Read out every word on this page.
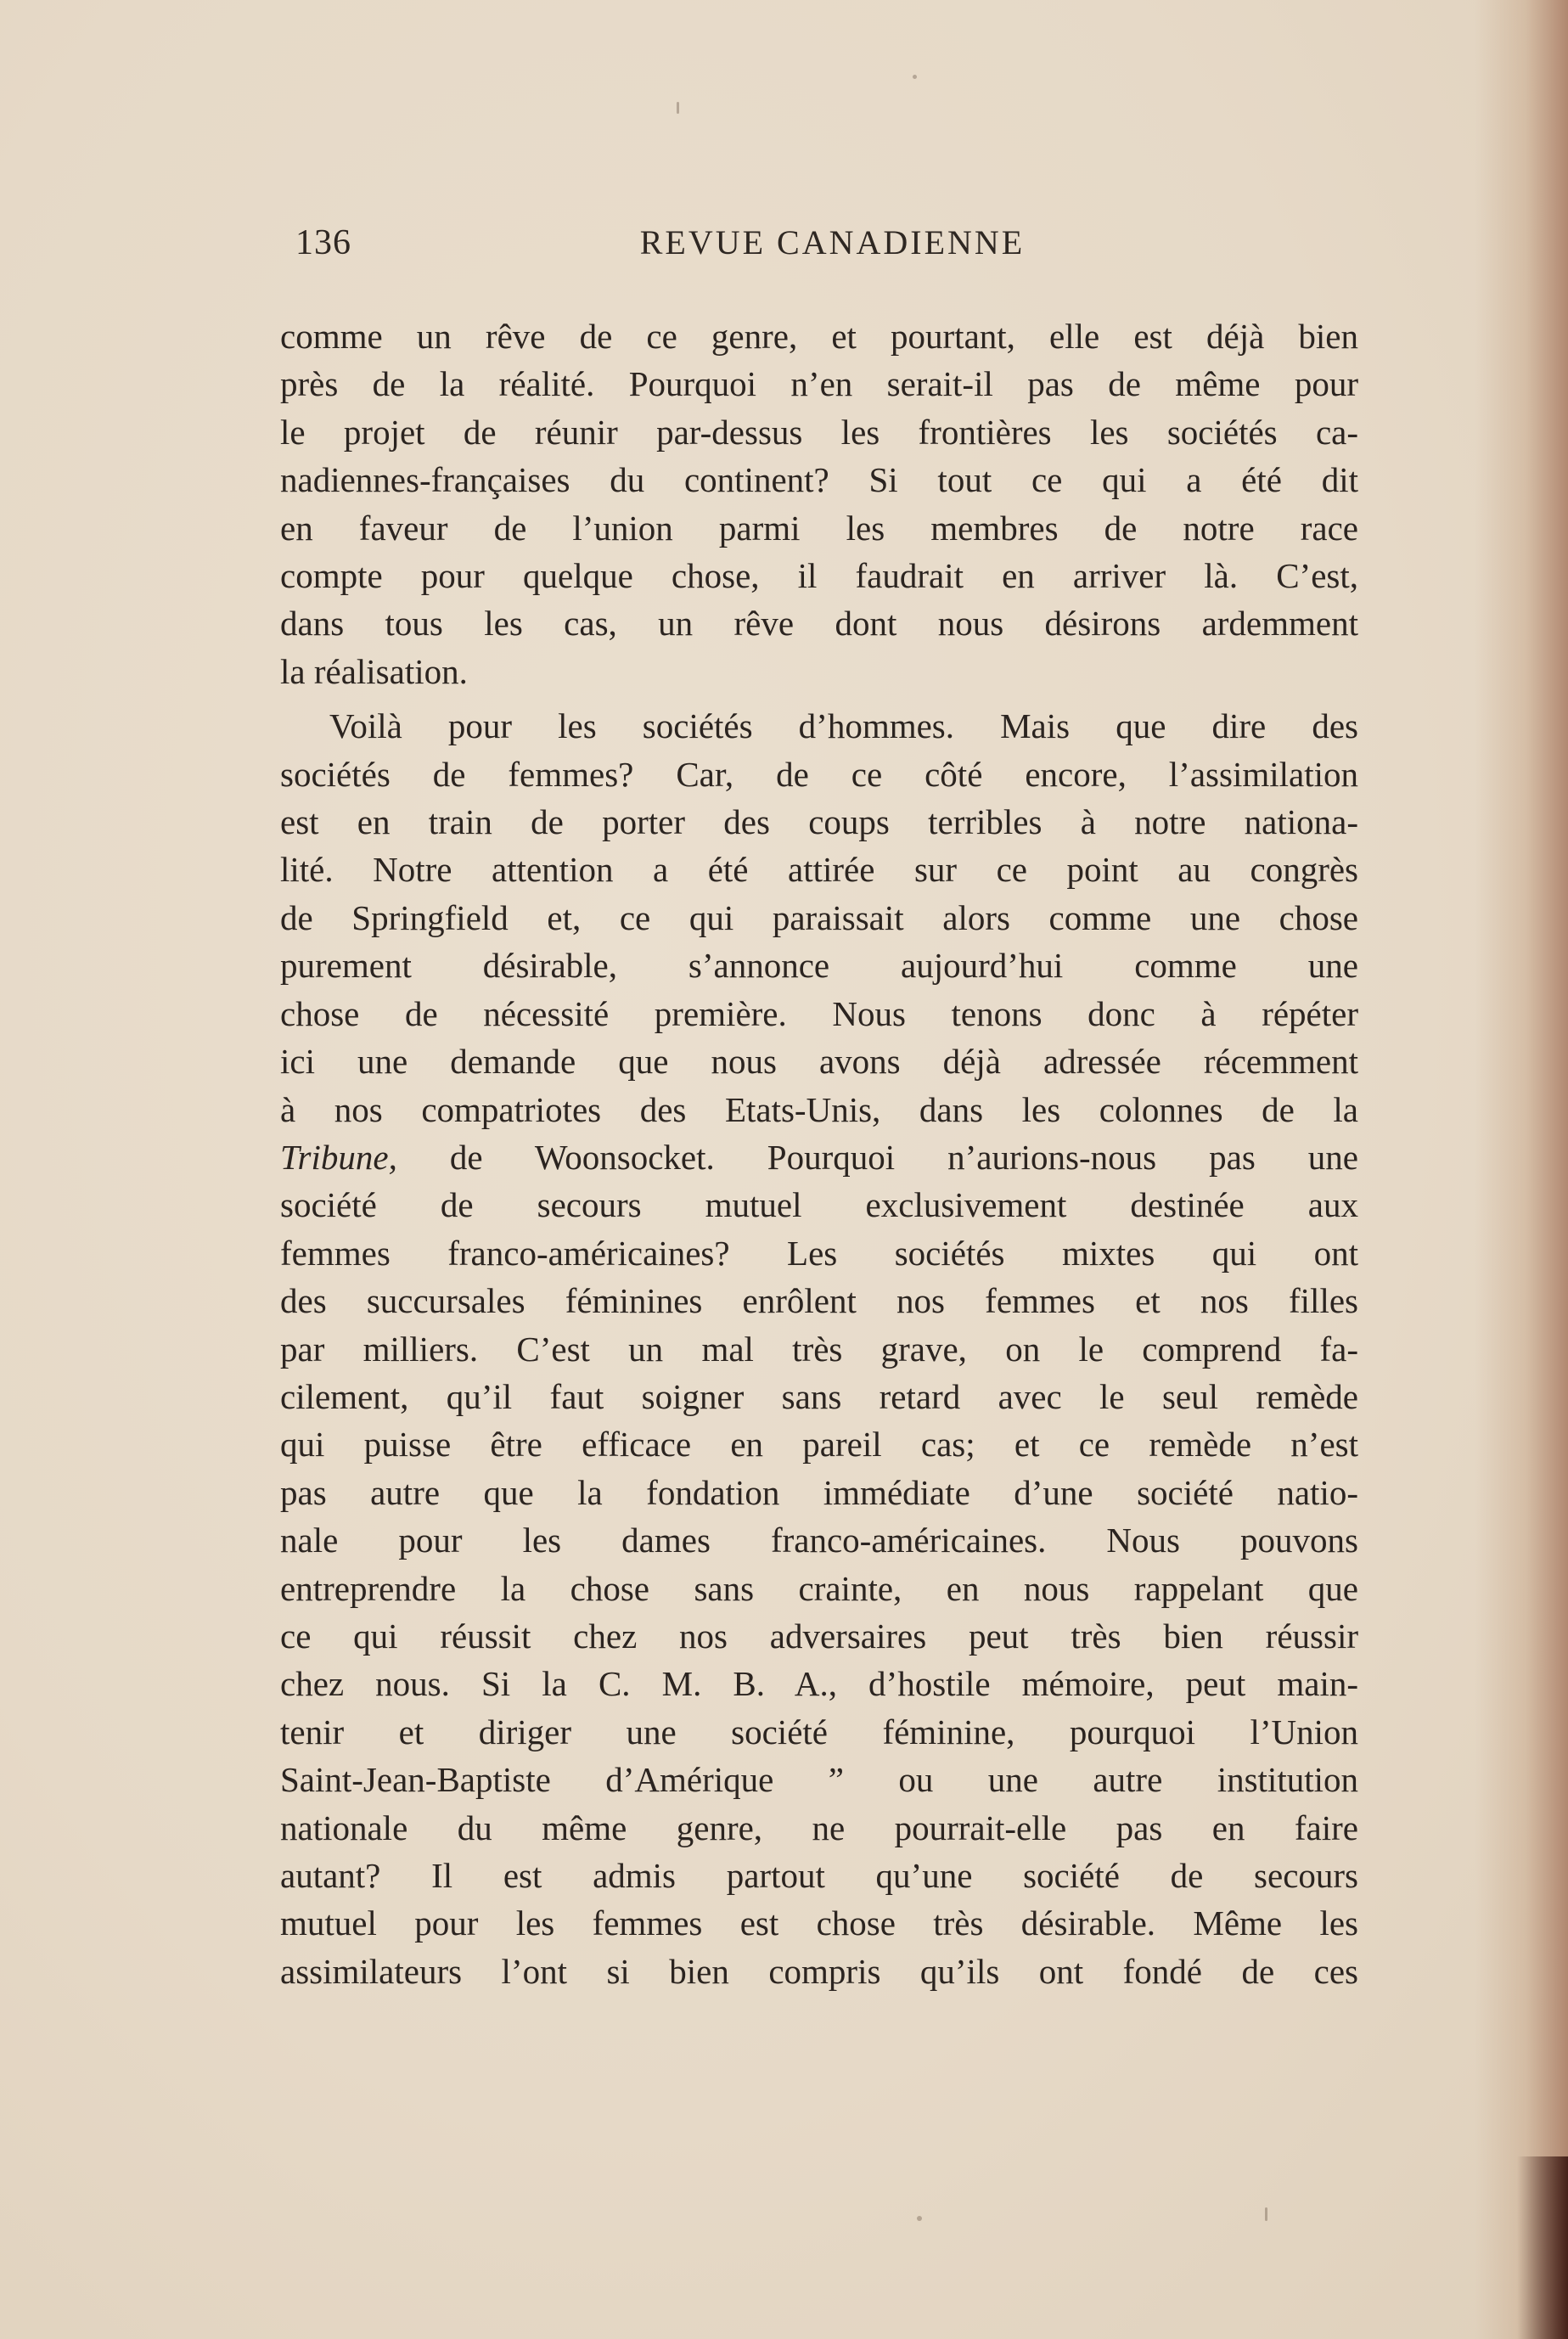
136	REVUE CANADIENNE

comme un rêve de ce genre, et pourtant, elle est déjà bien
près de la réalité. Pourquoi n’en serait-il pas de même pour
le projet de réunir par-dessus les frontières les sociétés ca-
nadiennes-françaises du continent? Si tout ce qui a été dit
en faveur de l’union parmi les membres de notre race
compte pour quelque chose, il faudrait en arriver là. C’est,
dans tous les cas, un rêve dont nous désirons ardemment
la réalisation.

Voilà pour les sociétés d’hommes. Mais que dire des
sociétés de femmes? Car, de ce côté encore, l’assimilation
est en train de porter des coups terribles à notre nationa-
lité. Notre attention a été attirée sur ce point au congrès
de Springfield et, ce qui paraissait alors comme une chose
purement désirable, s’annonce aujourd’hui comme une
chose de nécessité première. Nous tenons donc à répéter
ici une demande que nous avons déjà adressée récemment
à nos compatriotes des Etats-Unis, dans les colonnes de la
Tribune, de Woonsocket. Pourquoi n’aurions-nous pas une
société de secours mutuel exclusivement destinée aux
femmes franco-américaines? Les sociétés mixtes qui ont
des succursales féminines enrôlent nos femmes et nos filles
par milliers. C’est un mal très grave, on le comprend fa-
cilement, qu’il faut soigner sans retard avec le seul remède
qui puisse être efficace en pareil cas; et ce remède n’est
pas autre que la fondation immédiate d’une société natio-
nale pour les dames franco-américaines. Nous pouvons
entreprendre la chose sans crainte, en nous rappelant que
ce qui réussit chez nos adversaires peut très bien réussir
chez nous. Si la C. M. B. A., d’hostile mémoire, peut main-
tenir et diriger une société féminine, pourquoi l’Union
Saint-Jean-Baptiste d’Amérique ” ou une autre institution
nationale du même genre, ne pourrait-elle pas en faire
autant? Il est admis partout qu’une société de secours
mutuel pour les femmes est chose très désirable. Même les
assimilateurs l’ont si bien compris qu’ils ont fondé de ces
